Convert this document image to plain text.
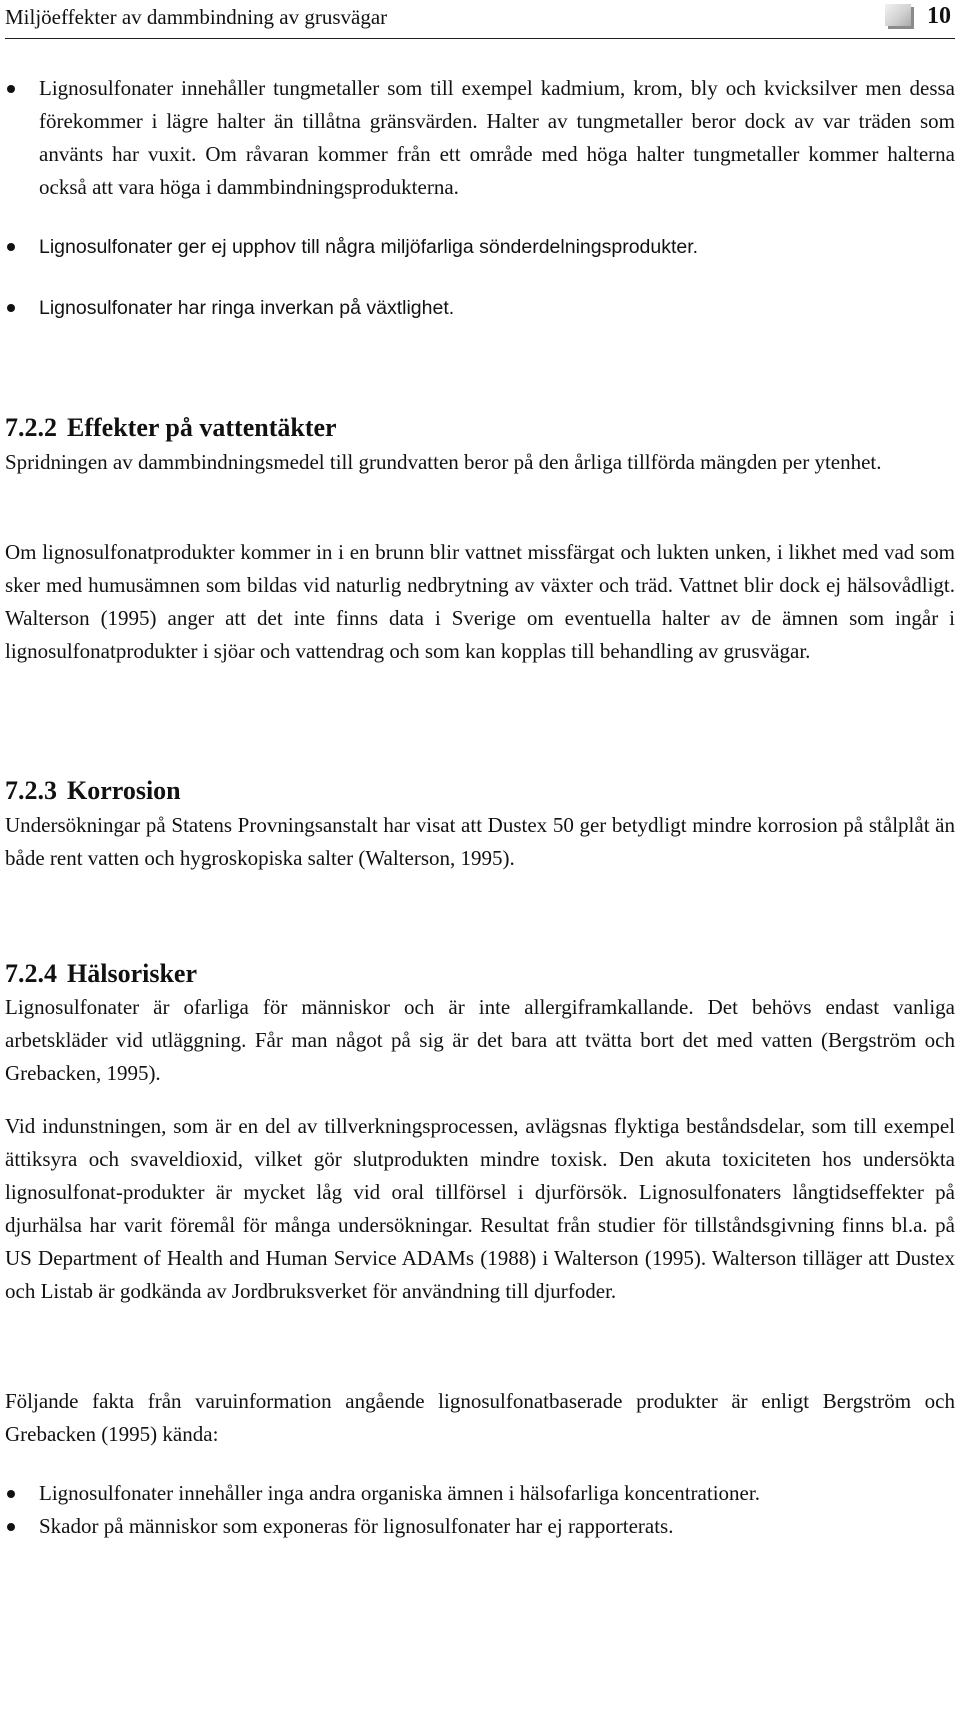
Miljöeffekter av dammbindning av grusvägar	10
Lignosulfonater innehåller tungmetaller som till exempel kadmium, krom, bly och kvicksilver men dessa förekommer i lägre halter än tillåtna gränsvärden. Halter av tungmetaller beror dock av var träden som använts har vuxit. Om råvaran kommer från ett område med höga halter tungmetaller kommer halterna också att vara höga i dammbindningsprodukterna.
Lignosulfonater ger ej upphov till några miljöfarliga sönderdelningsprodukter.
Lignosulfonater har ringa inverkan på växtlighet.
7.2.2 Effekter på vattentäkter

Spridningen av dammbindningsmedel till grundvatten beror på den årliga tillförda mängden per ytenhet.

Om lignosulfonatprodukter kommer in i en brunn blir vattnet missfärgat och lukten unken, i likhet med vad som sker med humusämnen som bildas vid naturlig nedbrytning av växter och träd. Vattnet blir dock ej hälsovådligt. Walterson (1995) anger att det inte finns data i Sverige om eventuella halter av de ämnen som ingår i lignosulfonatprodukter i sjöar och vattendrag och som kan kopplas till behandling av grusvägar.

7.2.3 Korrosion

Undersökningar på Statens Provningsanstalt har visat att Dustex 50 ger betydligt mindre korrosion på stålplåt än både rent vatten och hygroskopiska salter (Walterson, 1995).

7.2.4 Hälsorisker

Lignosulfonater är ofarliga för människor och är inte allergiframkallande. Det behövs endast vanliga arbetskläder vid utläggning. Får man något på sig är det bara att tvätta bort det med vatten (Bergström och Grebacken, 1995).

Vid indunstningen, som är en del av tillverkningsprocessen, avlägsnas flyktiga beståndsdelar, som till exempel ättiksyra och svaveldioxid, vilket gör slutprodukten mindre toxisk. Den akuta toxiciteten hos undersökta lignosulfonat-produkter är mycket låg vid oral tillförsel i djurförsök. Lignosulfonaters långtidseffekter på djurhälsa har varit föremål för många undersökningar. Resultat från studier för tillståndsgivning finns bl.a. på US Department of Health and Human Service ADAMs (1988) i Walterson (1995). Walterson tilläger att Dustex och Listab är godkända av Jordbruksverket för användning till djurfoder.

Följande fakta från varuinformation angående lignosulfonatbaserade produkter är enligt Bergström och Grebacken (1995) kända:

Lignosulfonater innehåller inga andra organiska ämnen i hälsofarliga koncentrationer.
Skador på människor som exponeras för lignosulfonater har ej rapporterats.
